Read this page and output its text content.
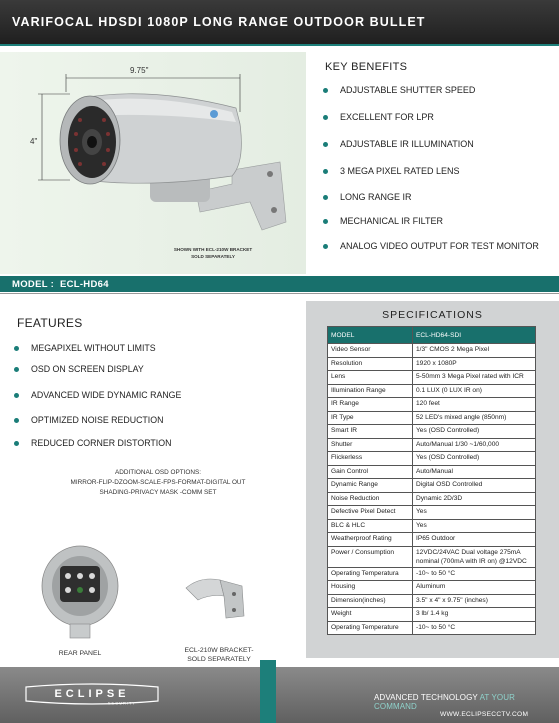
VARIFOCAL HDSDI 1080P LONG RANGE OUTDOOR BULLET
9.75"
4"
SHOWN WITH ECL-210W BRACKET
SOLD SEPARATELY
KEY BENEFITS
ADJUSTABLE SHUTTER SPEED
EXCELLENT FOR LPR
ADJUSTABLE IR ILLUMINATION
3 MEGA PIXEL RATED LENS
LONG RANGE IR
MECHANICAL IR FILTER
ANALOG VIDEO OUTPUT FOR TEST MONITOR
MODEL : ECL-HD64
FEATURES
MEGAPIXEL WITHOUT LIMITS
OSD ON SCREEN DISPLAY
ADVANCED WIDE DYNAMIC RANGE
OPTIMIZED NOISE REDUCTION
REDUCED CORNER DISTORTION
ADDITIONAL OSD OPTIONS:
MIRROR-FLIP-DZOOM-SCALE-FPS-FORMAT-DIGITAL OUT
SHADING-PRIVACY MASK -COMM SET
REAR PANEL	ECL-210W BRACKET-
SOLD SEPARATELY
SPECIFICATIONS
MODEL	ECL-HD64-SDI
Video Sensor	1/3" CMOS 2 Mega Pixel
Resolution	1920 x 1080P
Lens	5-50mm 3 Mega Pixel rated with ICR
Illumination Range	0.1 LUX (0 LUX IR on)
IR Range	120 feet
IR Type	52 LED's mixed angle (850nm)
Smart IR	Yes (OSD Controlled)
Shutter	Auto/Manual 1/30 ~1/60,000
Flickerless	Yes (OSD Controlled)
Gain Control	Auto/Manual
Dynamic Range	Digital OSD Controlled
Noise Reduction	Dynamic 2D/3D
Defective Pixel Detect	Yes
BLC & HLC	Yes
Weatherproof Rating	IP65 Outdoor
Power / Consumption	12VDC/24VAC Dual voltage 275mA nominal (700mA with IR on) @12VDC
Operating Temperatura	-10~ to 50 °C
Housing	Aluminum
Dimension(inches)	3.5" x 4" x 9.75" (inches)
Weight	3 lb/ 1.4 kg
Operating Temperature	-10~ to 50 °C
ECLIPSE
SECURITY
ADVANCED TECHNOLOGY AT YOUR COMMAND
WWW.ECLIPSECCTV.COM
